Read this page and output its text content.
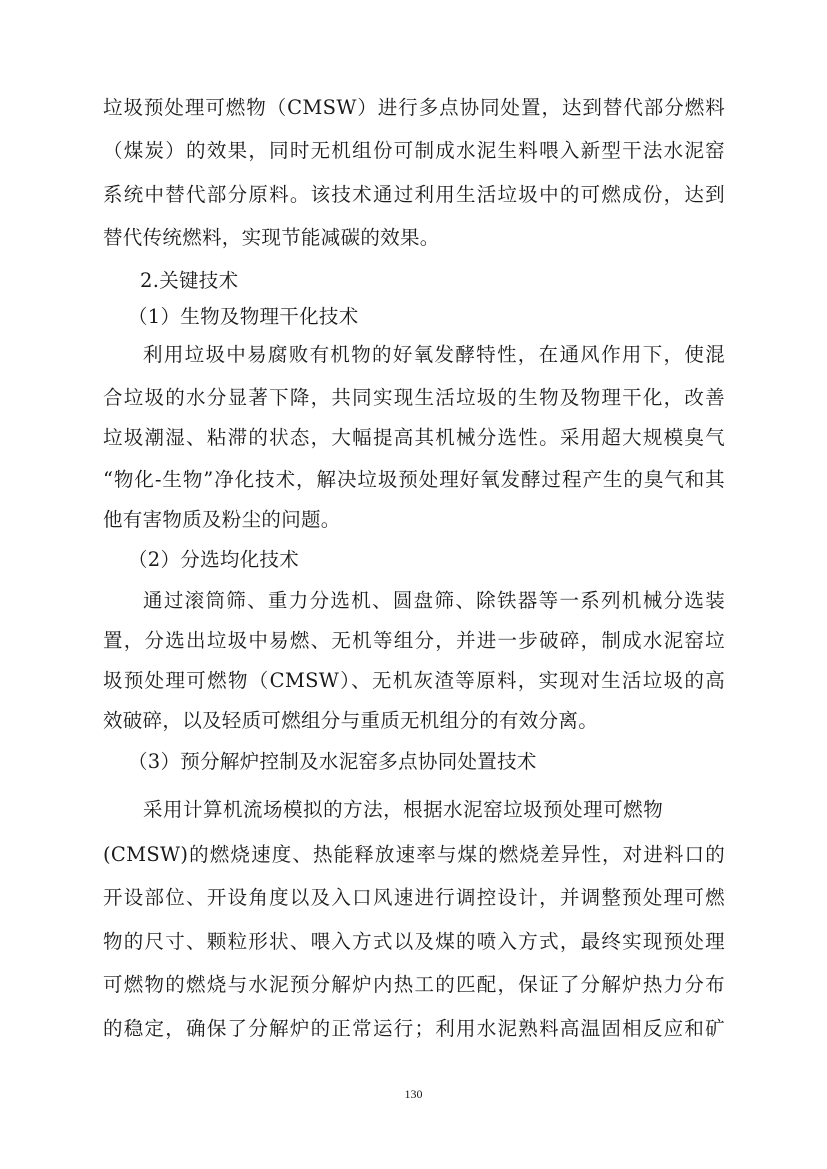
垃圾预处理可燃物（CMSW）进行多点协同处置，达到替代部分燃料
（煤炭）的效果，同时无机组份可制成水泥生料喂入新型干法水泥窑
系统中替代部分原料。该技术通过利用生活垃圾中的可燃成份，达到
替代传统燃料，实现节能减碳的效果。
2.关键技术
（1）生物及物理干化技术
利用垃圾中易腐败有机物的好氧发酵特性，在通风作用下，使混
合垃圾的水分显著下降，共同实现生活垃圾的生物及物理干化，改善
垃圾潮湿、粘滞的状态，大幅提高其机械分选性。采用超大规模臭气
“物化-生物”净化技术，解决垃圾预处理好氧发酵过程产生的臭气和其
他有害物质及粉尘的问题。
（2）分选均化技术
通过滚筒筛、重力分选机、圆盘筛、除铁器等一系列机械分选装
置，分选出垃圾中易燃、无机等组分，并进一步破碎，制成水泥窑垃
圾预处理可燃物（CMSW）、无机灰渣等原料，实现对生活垃圾的高
效破碎，以及轻质可燃组分与重质无机组分的有效分离。
（3）预分解炉控制及水泥窑多点协同处置技术
采用计算机流场模拟的方法，根据水泥窑垃圾预处理可燃物
(CMSW)的燃烧速度、热能释放速率与煤的燃烧差异性，对进料口的
开设部位、开设角度以及入口风速进行调控设计，并调整预处理可燃
物的尺寸、颗粒形状、喂入方式以及煤的喷入方式，最终实现预处理
可燃物的燃烧与水泥预分解炉内热工的匹配，保证了分解炉热力分布
的稳定，确保了分解炉的正常运行；利用水泥熟料高温固相反应和矿
130
